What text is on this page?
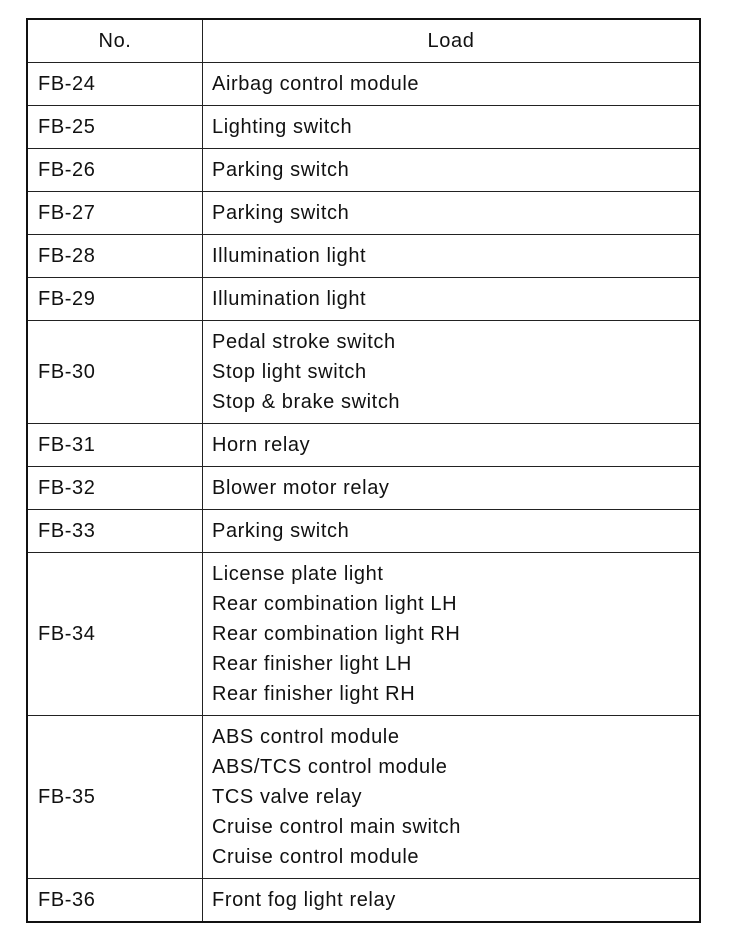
No.	Load
FB-24	Airbag control module

FB-25	Lighting switch

FB-26	Parking switch

FB-27	Parking switch

FB-28	Illumination light

FB-29	Illumination light

FB-30	Pedal stroke switch
Stop light switch
Stop & brake switch

FB-31	Horn relay

FB-32	Blower motor relay

FB-33	Parking switch

FB-34	License plate light
Rear combination light LH
Rear combination light RH
Rear finisher light LH
Rear finisher light RH

FB-35	ABS control module
ABS/TCS control module
TCS valve relay
Cruise control main switch
Cruise control module

FB-36	Front fog light relay
